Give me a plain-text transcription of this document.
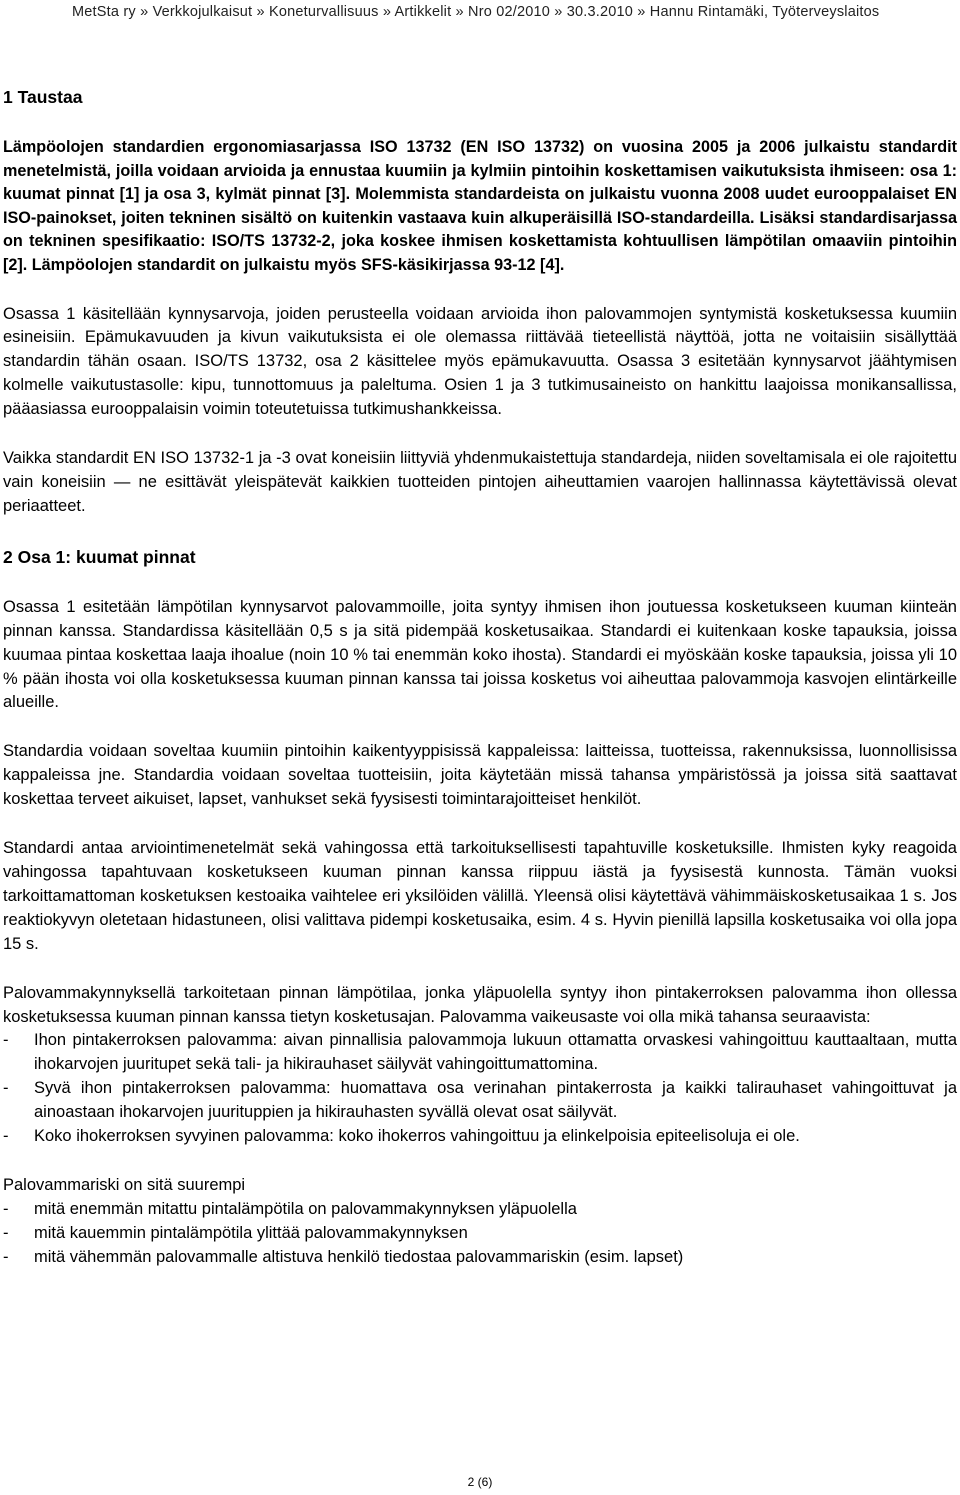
MetSta ry » Verkkojulkaisut » Koneturvallisuus » Artikkelit » Nro 02/2010 » 30.3.2010 » Hannu Rintamäki, Työterveyslaitos
1 Taustaa

Lämpöolojen standardien ergonomiasarjassa ISO 13732 (EN ISO 13732) on vuosina 2005 ja 2006 julkaistu standardit menetelmistä, joilla voidaan arvioida ja ennustaa kuumiin ja kylmiin pintoihin koskettamisen vaikutuksista ihmiseen: osa 1: kuumat pinnat [1] ja osa 3, kylmät pinnat [3]. Molemmista standardeista on julkaistu vuonna 2008 uudet eurooppalaiset EN ISO-painokset, joiten tekninen sisältö on kuitenkin vastaava kuin alkuperäisillä ISO-standardeilla. Lisäksi standardisarjassa on tekninen spesifikaatio: ISO/TS 13732-2, joka koskee ihmisen koskettamista kohtuullisen lämpötilan omaaviin pintoihin [2]. Lämpöolojen standardit on julkaistu myös SFS-käsikirjassa 93-12 [4].

Osassa 1 käsitellään kynnysarvoja, joiden perusteella voidaan arvioida ihon palovammojen syntymistä kosketuksessa kuumiin esineisiin. Epämukavuuden ja kivun vaikutuksista ei ole olemassa riittävää tieteellistä näyttöä, jotta ne voitaisiin sisällyttää standardin tähän osaan. ISO/TS 13732, osa 2 käsittelee myös epämukavuutta. Osassa 3 esitetään kynnysarvot jäähtymisen kolmelle vaikutustasolle: kipu, tunnottomuus ja paleltuma. Osien 1 ja 3 tutkimusaineisto on hankittu laajoissa monikansallissa, pääasiassa eurooppalaisin voimin toteutetuissa tutkimushankkeissa.

Vaikka standardit EN ISO 13732-1 ja -3 ovat koneisiin liittyviä yhdenmukaistettuja standardeja, niiden soveltamisala ei ole rajoitettu vain koneisiin — ne esittävät yleispätevät kaikkien tuotteiden pintojen aiheuttamien vaarojen hallinnassa käytettävissä olevat periaatteet.

2 Osa 1: kuumat pinnat

Osassa 1 esitetään lämpötilan kynnysarvot palovammoille, joita syntyy ihmisen ihon joutuessa kosketukseen kuuman kiinteän pinnan kanssa. Standardissa käsitellään 0,5 s ja sitä pidempää kosketusaikaa. Standardi ei kuitenkaan koske tapauksia, joissa kuumaa pintaa koskettaa laaja ihoalue (noin 10 % tai enemmän koko ihosta). Standardi ei myöskään koske tapauksia, joissa yli 10 % pään ihosta voi olla kosketuksessa kuuman pinnan kanssa tai joissa kosketus voi aiheuttaa palovammoja kasvojen elintärkeille alueille.

Standardia voidaan soveltaa kuumiin pintoihin kaikentyyppisissä kappaleissa: laitteissa, tuotteissa, rakennuksissa, luonnollisissa kappaleissa jne. Standardia voidaan soveltaa tuotteisiin, joita käytetään missä tahansa ympäristössä ja joissa sitä saattavat koskettaa terveet aikuiset, lapset, vanhukset sekä fyysisesti toimintarajoitteiset henkilöt.

Standardi antaa arviointimenetelmät sekä vahingossa että tarkoituksellisesti tapahtuville kosketuksille. Ihmisten kyky reagoida vahingossa tapahtuvaan kosketukseen kuuman pinnan kanssa riippuu iästä ja fyysisestä kunnosta. Tämän vuoksi tarkoittamattoman kosketuksen kestoaika vaihtelee eri yksilöiden välillä. Yleensä olisi käytettävä vähimmäiskosketusaikaa 1 s. Jos reaktiokyvyn oletetaan hidastuneen, olisi valittava pidempi kosketusaika, esim. 4 s. Hyvin pienillä lapsilla kosketusaika voi olla jopa 15 s.

Palovammakynnyksellä tarkoitetaan pinnan lämpötilaa, jonka yläpuolella syntyy ihon pintakerroksen palovamma ihon ollessa kosketuksessa kuuman pinnan kanssa tietyn kosketusajan. Palovamma vaikeusaste voi olla mikä tahansa seuraavista:

- Ihon pintakerroksen palovamma: aivan pinnallisia palovammoja lukuun ottamatta orvaskesi vahingoittuu kauttaaltaan, mutta ihokarvojen juuritupet sekä tali- ja hikirauhaset säilyvät vahingoittumattomina.
- Syvä ihon pintakerroksen palovamma: huomattava osa verinahan pintakerrosta ja kaikki talirauhaset vahingoittuvat ja ainoastaan ihokarvojen juurituppien ja hikirauhasten syvällä olevat osat säilyvät.
- Koko ihokerroksen syvyinen palovamma: koko ihokerros vahingoittuu ja elinkelpoisia epiteelisoluja ei ole.

Palovammariski on sitä suurempi

- mitä enemmän mitattu pintalämpötila on palovammakynnyksen yläpuolella
- mitä kauemmin pintalämpötila ylittää palovammakynnyksen
- mitä vähemmän palovammalle altistuva henkilö tiedostaa palovammariskin (esim. lapset)
2 (6)
